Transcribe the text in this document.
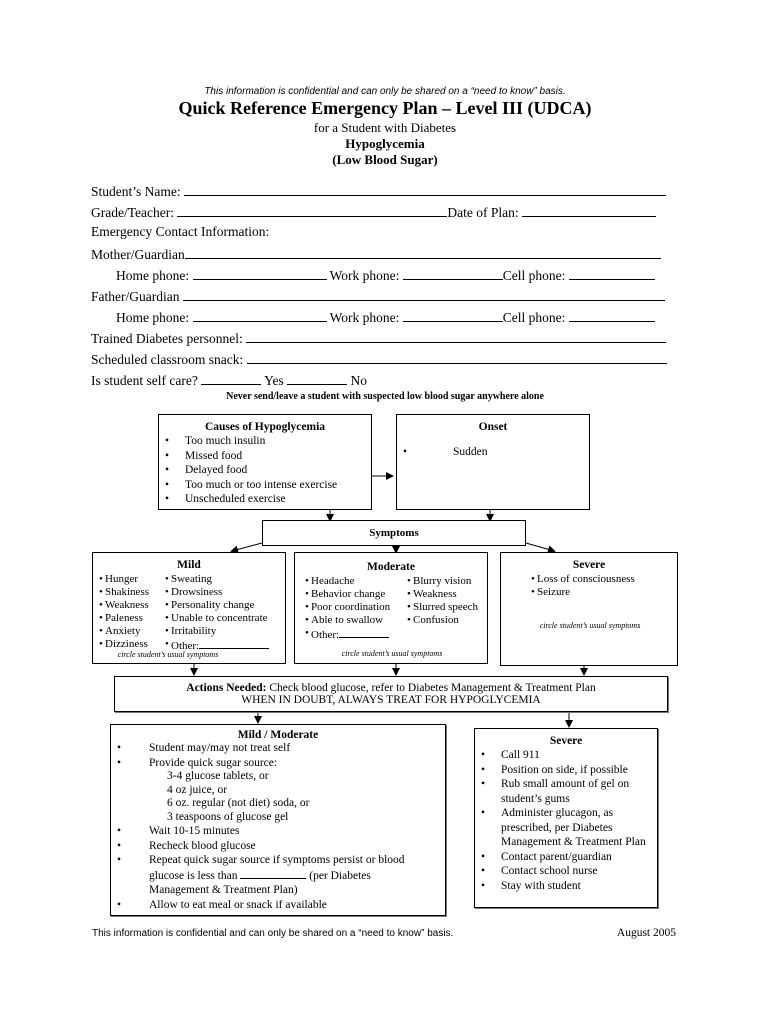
This information is confidential and can only be shared on a “need to know” basis.
Quick Reference Emergency Plan – Level III (UDCA)
for a Student with Diabetes
Hypoglycemia
(Low Blood Sugar)
Student’s Name:
Grade/Teacher:	Date of Plan:
Emergency Contact Information:
Mother/Guardian
Home phone:	Work phone:	Cell phone:
Father/Guardian
Home phone:	Work phone:	Cell phone:
Trained Diabetes personnel:
Scheduled classroom snack:
Is student self care?	Yes	No
Never send/leave a student with suspected low blood sugar anywhere alone
Causes of Hypoglycemia
• Too much insulin
• Missed food
• Delayed food
• Too much or too intense exercise
• Unscheduled exercise
Onset
• Sudden
Symptoms
Mild
• Hunger
• Shakiness
• Weakness
• Paleness
• Anxiety
• Dizziness
• Sweating
• Drowsiness
• Personality change
• Unable to concentrate
• Irritability
• Other:
circle student’s usual symptoms
Moderate
• Headache
• Behavior change
• Poor coordination
• Able to swallow
• Other:
• Blurry vision
• Weakness
• Slurred speech
• Confusion
circle student’s usual symptoms
Severe
• Loss of consciousness
• Seizure
circle student’s usual symptoms
Actions Needed: Check blood glucose, refer to Diabetes Management & Treatment Plan
WHEN IN DOUBT, ALWAYS TREAT FOR HYPOGLYCEMIA
Mild / Moderate
• Student may/may not treat self
• Provide quick sugar source:
3-4 glucose tablets, or
4 oz juice, or
6 oz. regular (not diet) soda, or
3 teaspoons of glucose gel
• Wait 10-15 minutes
• Recheck blood glucose
• Repeat quick sugar source if symptoms persist or blood
glucose is less than	(per Diabetes
Management & Treatment Plan)
• Allow to eat meal or snack if available
Severe
• Call 911
• Position on side, if possible
• Rub small amount of gel on student’s gums
• Administer glucagon, as prescribed, per Diabetes Management & Treatment Plan
• Contact parent/guardian
• Contact school nurse
• Stay with student
This information is confidential and can only be shared on a “need to know” basis.	August 2005
